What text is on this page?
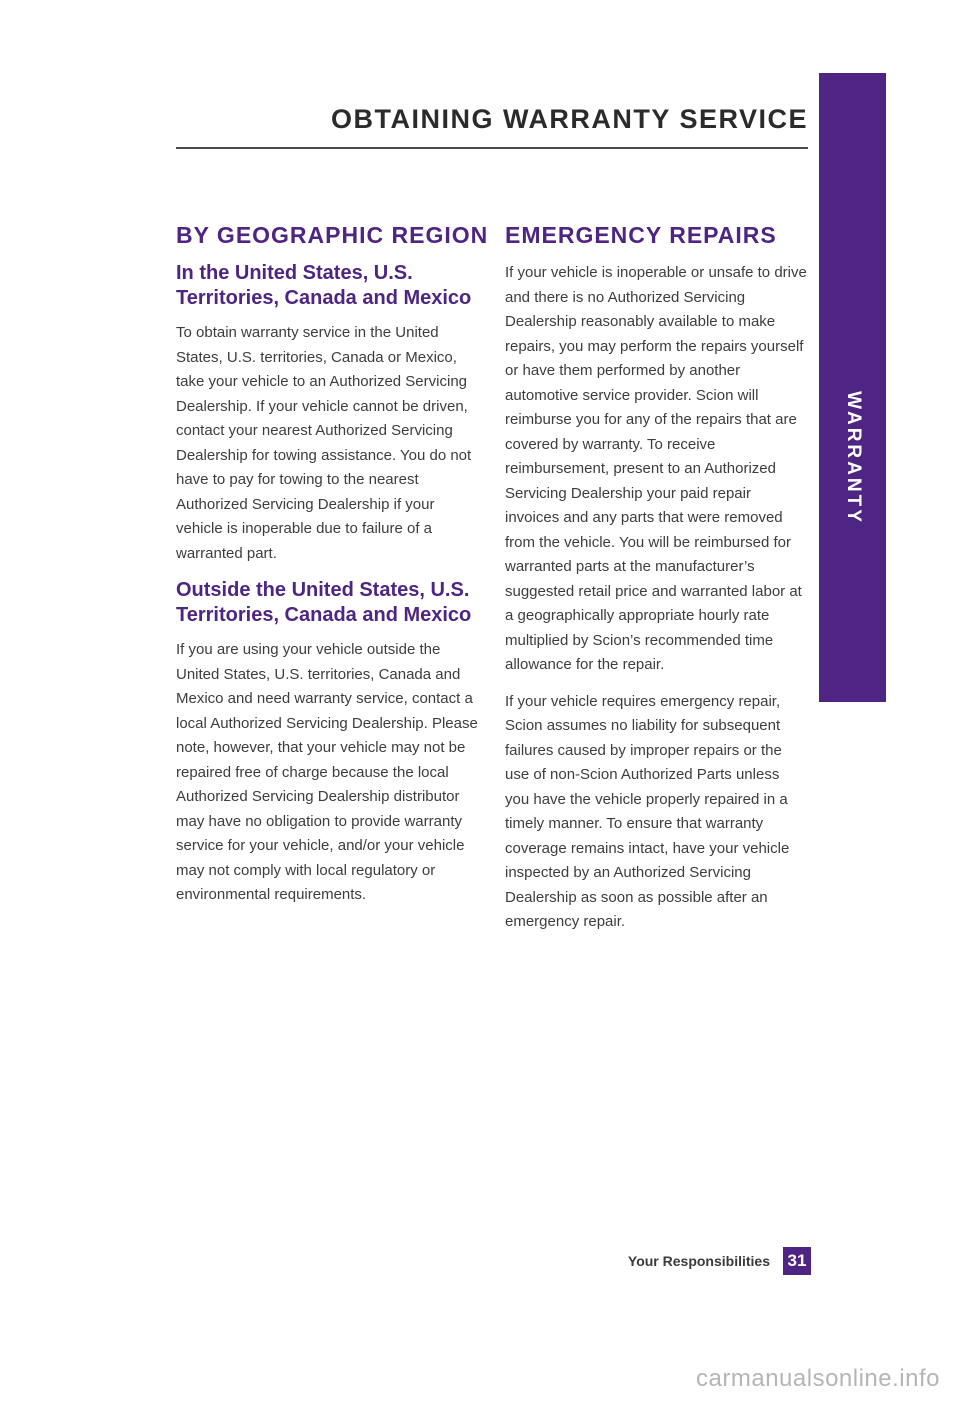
OBTAINING WARRANTY SERVICE
WARRANTY
BY GEOGRAPHIC REGION
In the United States, U.S. Territories, Canada and Mexico

To obtain warranty service in the United States, U.S. territories, Canada or Mexico, take your vehicle to an Authorized Servicing Dealership. If your vehicle cannot be driven, contact your nearest Authorized Servicing Dealership for towing assistance. You do not have to pay for towing to the nearest Authorized Servicing Dealership if your vehicle is inoperable due to failure of a warranted part.

Outside the United States, U.S. Territories, Canada and Mexico

If you are using your vehicle outside the United States, U.S. territories, Canada and Mexico and need warranty service, contact a local Authorized Servicing Dealership. Please note, however, that your vehicle may not be repaired free of charge because the local Authorized Servicing Dealership distributor may have no obligation to provide warranty service for your vehicle, and/or your vehicle may not comply with local regulatory or environmental requirements.

EMERGENCY REPAIRS

If your vehicle is inoperable or unsafe to drive and there is no Authorized Servicing Dealership reasonably available to make repairs, you may perform the repairs yourself or have them performed by another automotive service provider. Scion will reimburse you for any of the repairs that are covered by warranty. To receive reimbursement, present to an Authorized Servicing Dealership your paid repair invoices and any parts that were removed from the vehicle. You will be reimbursed for warranted parts at the manufacturer’s suggested retail price and warranted labor at a geographically appropriate hourly rate multiplied by Scion’s recommended time allowance for the repair.

If your vehicle requires emergency repair, Scion assumes no liability for subsequent failures caused by improper repairs or the use of non-Scion Authorized Parts unless you have the vehicle properly repaired in a timely manner. To ensure that warranty coverage remains intact, have your vehicle inspected by an Authorized Servicing Dealership as soon as possible after an emergency repair.

Your Responsibilities 31
carmanualsonline.info
